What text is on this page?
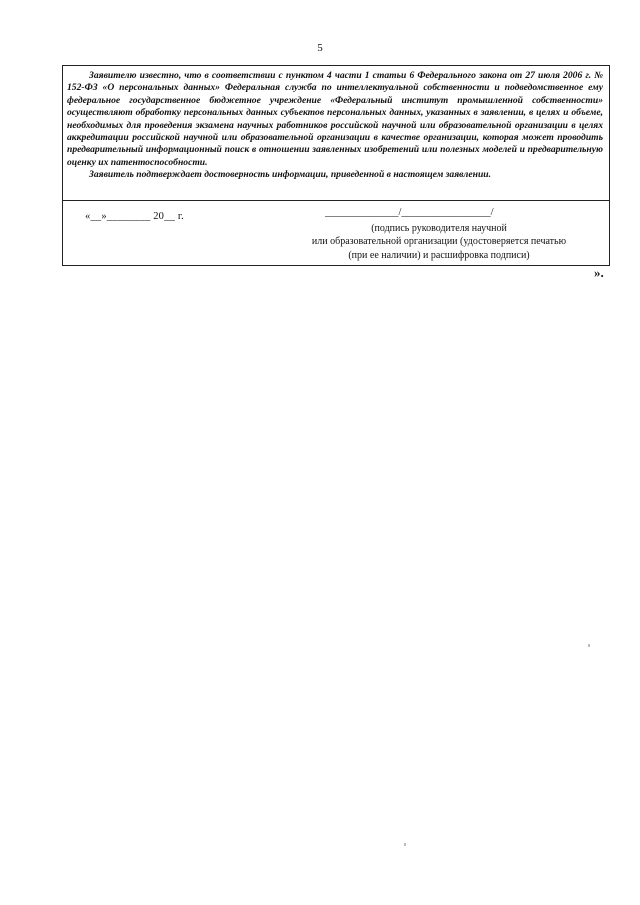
5

Заявителю известно, что в соответствии с пунктом 4 части 1 статьи 6 Федерального закона от 27 июля 2006 г. № 152-ФЗ «О персональных данных» Федеральная служба по интеллектуальной собственности и подведомственное ему федеральное государственное бюджетное учреждение «Федеральный институт промышленной собственности» осуществляют обработку персональных данных субъектов персональных данных, указанных в заявлении, в целях и объеме, необходимых для проведения экзамена научных работников российской научной или образовательной организации в целях аккредитации российской научной или образовательной организации в качестве организации, которая может проводить предварительный информационный поиск в отношении заявленных изобретений или полезных моделей и предварительную оценку их патентоспособности.

Заявитель подтверждает достоверность информации, приведенной в настоящем заявлении.

«__»________ 20__ г.	______________/_________________/
(подпись руководителя научной
или образовательной организации (удостоверяется печатью
(при ее наличии) и расшифровка подписи)
».
